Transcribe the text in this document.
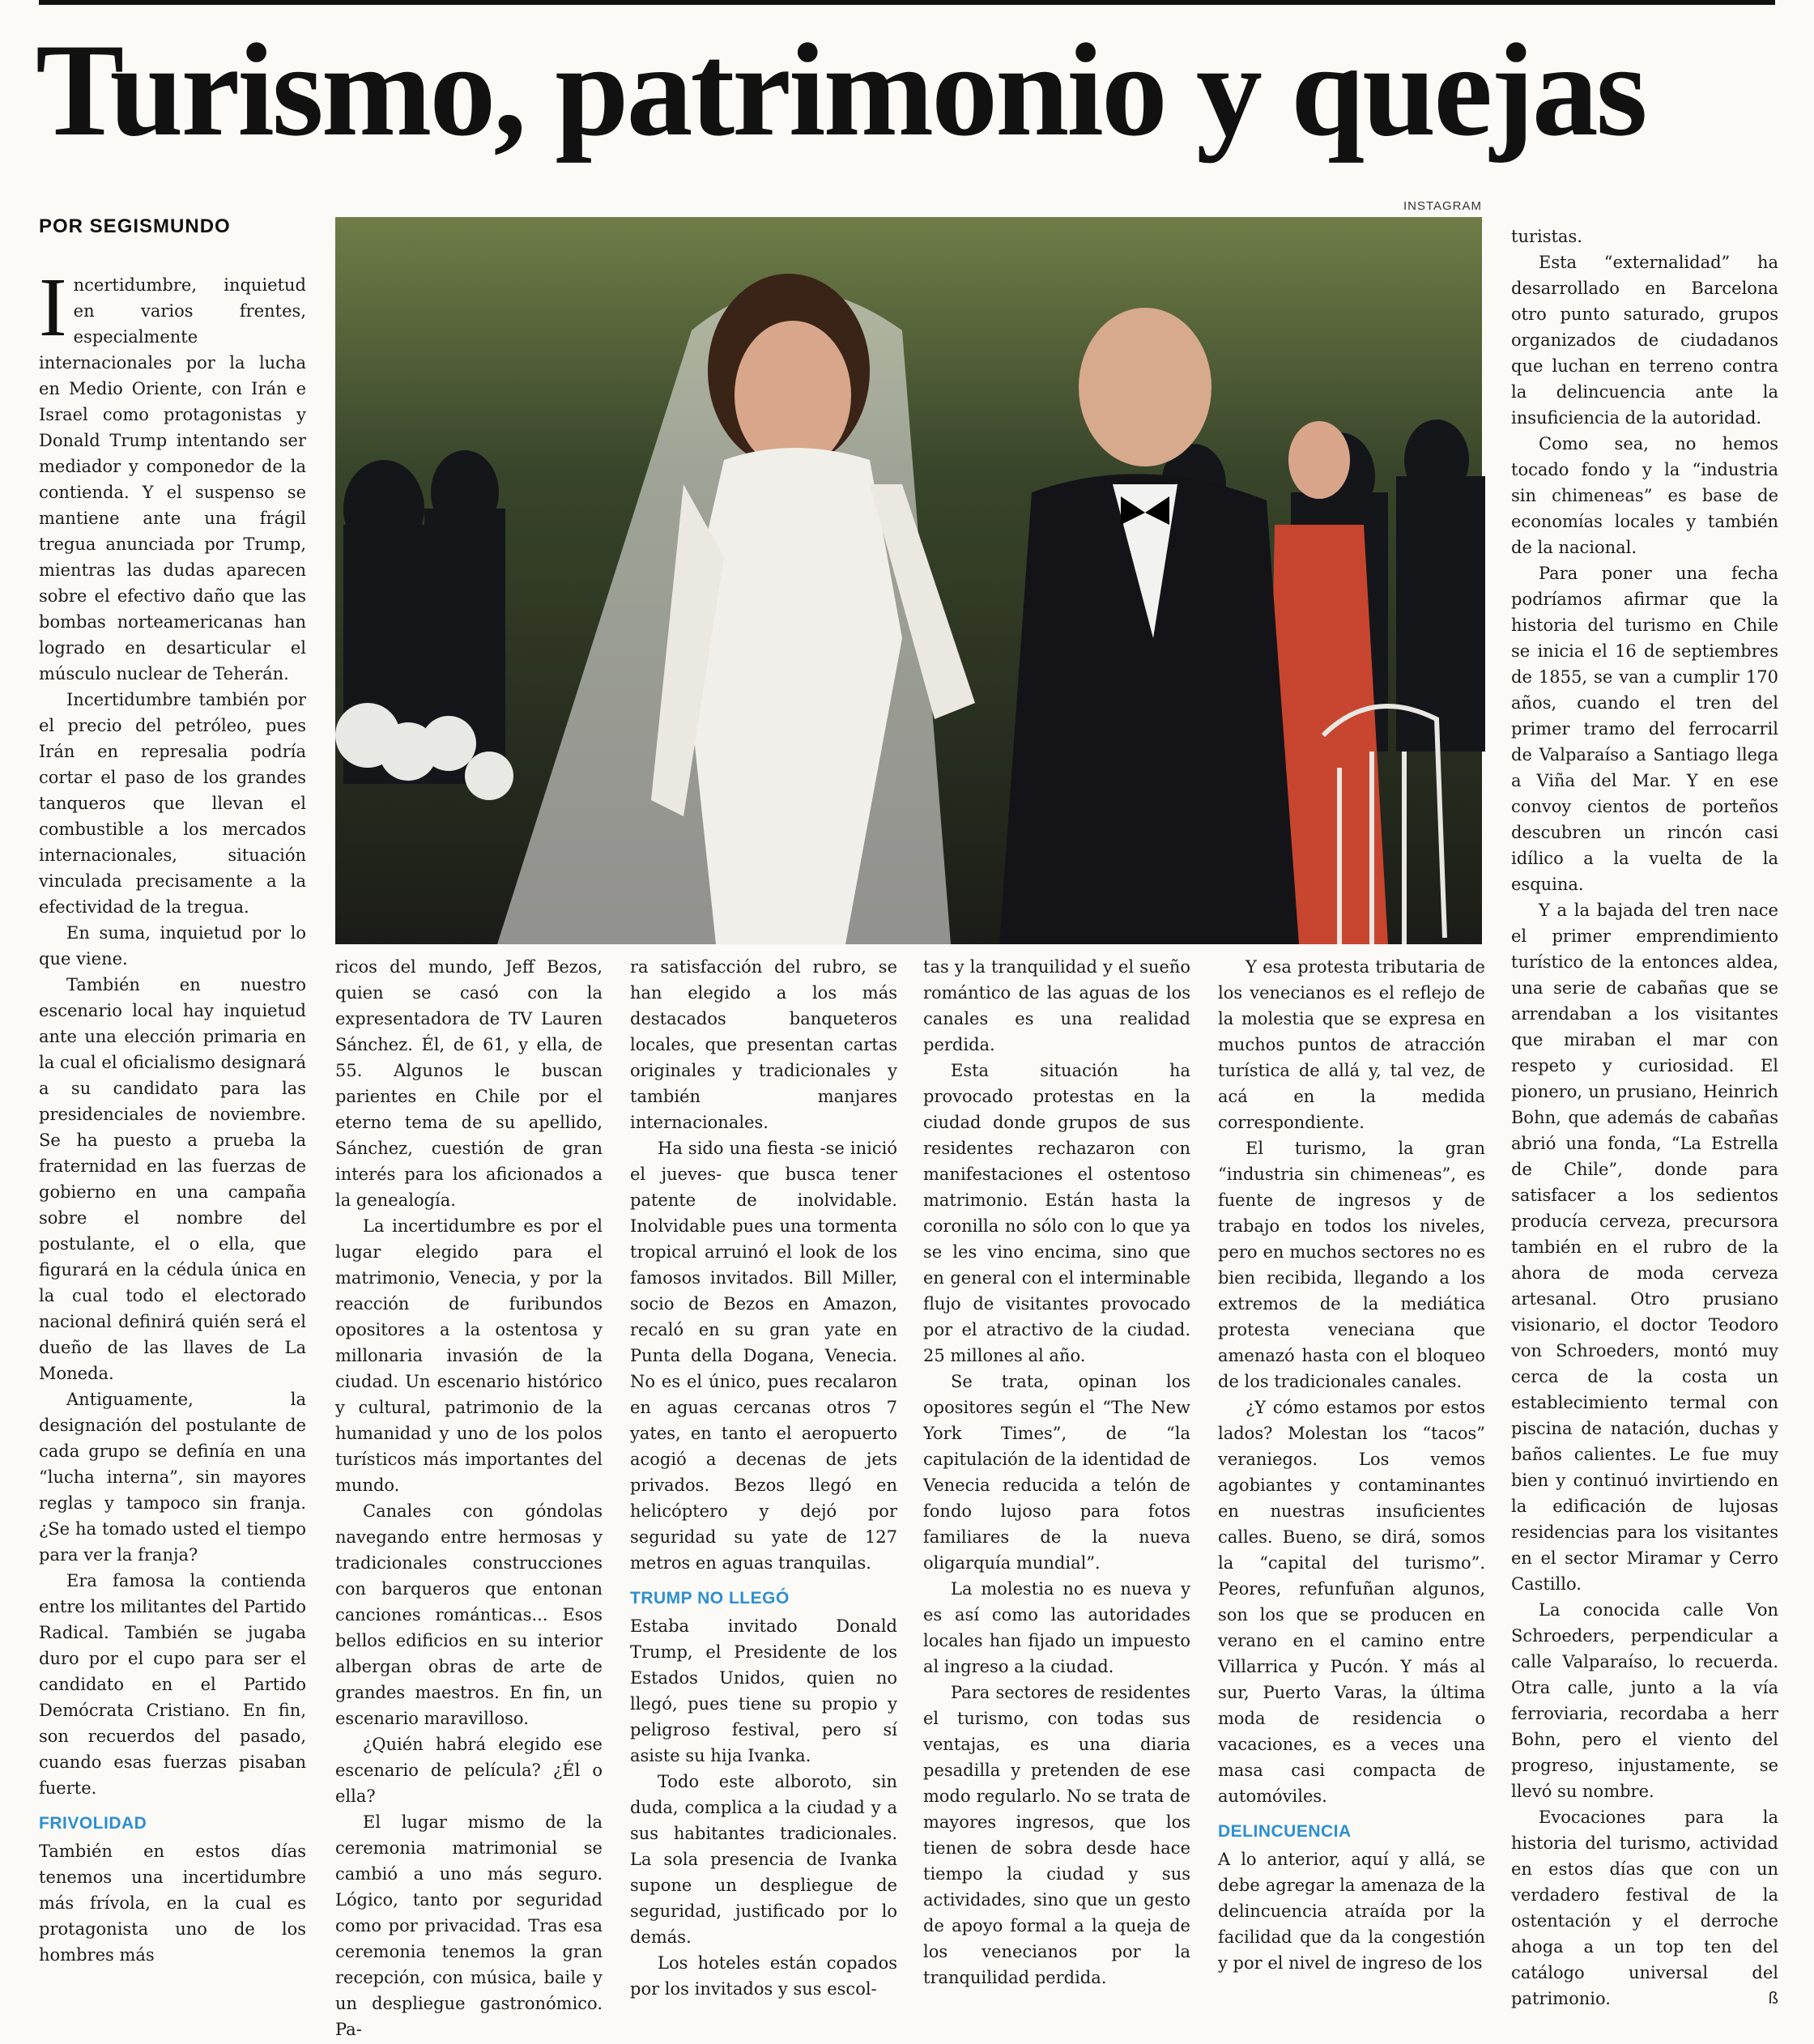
Turismo, patrimonio y quejas
POR SEGISMUNDO
INSTAGRAM

Incertidumbre, inquietud en varios frentes, especialmente internacionales por la lucha en Medio Oriente, con Irán e Israel como protagonistas y Donald Trump intentando ser mediador y componedor de la contienda. Y el suspenso se mantiene ante una frágil tregua anunciada por Trump, mientras las dudas aparecen sobre el efectivo daño que las bombas norteamericanas han logrado en desarticular el músculo nuclear de Teherán.

Incertidumbre también por el precio del petróleo, pues Irán en represalia podría cortar el paso de los grandes tanqueros que llevan el combustible a los mercados internacionales, situación vinculada precisamente a la efectividad de la tregua.

En suma, inquietud por lo que viene.

También en nuestro escenario local hay inquietud ante una elección primaria en la cual el oficialismo designará a su candidato para las presidenciales de noviembre. Se ha puesto a prueba la fraternidad en las fuerzas de gobierno en una campaña sobre el nombre del postulante, el o ella, que figurará en la cédula única en la cual todo el electorado nacional definirá quién será el dueño de las llaves de La Moneda.

Antiguamente, la designación del postulante de cada grupo se definía en una “lucha interna”, sin mayores reglas y tampoco sin franja. ¿Se ha tomado usted el tiempo para ver la franja?

Era famosa la contienda entre los militantes del Partido Radical. También se jugaba duro por el cupo para ser el candidato en el Partido Demócrata Cristiano. En fin, son recuerdos del pasado, cuando esas fuerzas pisaban fuerte.

FRIVOLIDAD

También en estos días tenemos una incertidumbre más frívola, en la cual es protagonista uno de los hombres más

ricos del mundo, Jeff Bezos, quien se casó con la expresentadora de TV Lauren Sánchez. Él, de 61, y ella, de 55. Algunos le buscan parientes en Chile por el eterno tema de su apellido, Sánchez, cuestión de gran interés para los aficionados a la genealogía.

La incertidumbre es por el lugar elegido para el matrimonio, Venecia, y por la reacción de furibundos opositores a la ostentosa y millonaria invasión de la ciudad. Un escenario histórico y cultural, patrimonio de la humanidad y uno de los polos turísticos más importantes del mundo.

Canales con góndolas navegando entre hermosas y tradicionales construcciones con barqueros que entonan canciones románticas... Esos bellos edificios en su interior albergan obras de arte de grandes maestros. En fin, un escenario maravilloso.

¿Quién habrá elegido ese escenario de película? ¿Él o ella?

El lugar mismo de la ceremonia matrimonial se cambió a uno más seguro. Lógico, tanto por seguridad como por privacidad. Tras esa ceremonia tenemos la gran recepción, con música, baile y un despliegue gastronómico. Pa-

ra satisfacción del rubro, se han elegido a los más destacados banqueteros locales, que presentan cartas originales y tradicionales y también manjares internacionales.

Ha sido una fiesta -se inició el jueves- que busca tener patente de inolvidable. Inolvidable pues una tormenta tropical arruinó el look de los famosos invitados. Bill Miller, socio de Bezos en Amazon, recaló en su gran yate en Punta della Dogana, Venecia. No es el único, pues recalaron en aguas cercanas otros 7 yates, en tanto el aeropuerto acogió a decenas de jets privados. Bezos llegó en helicóptero y dejó por seguridad su yate de 127 metros en aguas tranquilas.

TRUMP NO LLEGÓ

Estaba invitado Donald Trump, el Presidente de los Estados Unidos, quien no llegó, pues tiene su propio y peligroso festival, pero sí asiste su hija Ivanka.

Todo este alboroto, sin duda, complica a la ciudad y a sus habitantes tradicionales. La sola presencia de Ivanka supone un despliegue de seguridad, justificado por lo demás.

Los hoteles están copados por los invitados y sus escol-

tas y la tranquilidad y el sueño romántico de las aguas de los canales es una realidad perdida.

Esta situación ha provocado protestas en la ciudad donde grupos de sus residentes rechazaron con manifestaciones el ostentoso matrimonio. Están hasta la coronilla no sólo con lo que ya se les vino encima, sino que en general con el interminable flujo de visitantes provocado por el atractivo de la ciudad. 25 millones al año.

Se trata, opinan los opositores según el “The New York Times”, de “la capitulación de la identidad de Venecia reducida a telón de fondo lujoso para fotos familiares de la nueva oligarquía mundial”.

La molestia no es nueva y es así como las autoridades locales han fijado un impuesto al ingreso a la ciudad.

Para sectores de residentes el turismo, con todas sus ventajas, es una diaria pesadilla y pretenden de ese modo regularlo. No se trata de mayores ingresos, que los tienen de sobra desde hace tiempo la ciudad y sus actividades, sino que un gesto de apoyo formal a la queja de los venecianos por la tranquilidad perdida.

Y esa protesta tributaria de los venecianos es el reflejo de la molestia que se expresa en muchos puntos de atracción turística de allá y, tal vez, de acá en la medida correspondiente.

El turismo, la gran “industria sin chimeneas”, es fuente de ingresos y de trabajo en todos los niveles, pero en muchos sectores no es bien recibida, llegando a los extremos de la mediática protesta veneciana que amenazó hasta con el bloqueo de los tradicionales canales.

¿Y cómo estamos por estos lados? Molestan los “tacos” veraniegos. Los vemos agobiantes y contaminantes en nuestras insuficientes calles. Bueno, se dirá, somos la “capital del turismo”. Peores, refunfuñan algunos, son los que se producen en verano en el camino entre Villarrica y Pucón. Y más al sur, Puerto Varas, la última moda de residencia o vacaciones, es a veces una masa casi compacta de automóviles.

DELINCUENCIA

A lo anterior, aquí y allá, se debe agregar la amenaza de la delincuencia atraída por la facilidad que da la congestión y por el nivel de ingreso de los

turistas.

Esta “externalidad” ha desarrollado en Barcelona otro punto saturado, grupos organizados de ciudadanos que luchan en terreno contra la delincuencia ante la insuficiencia de la autoridad.

Como sea, no hemos tocado fondo y la “industria sin chimeneas” es base de economías locales y también de la nacional.

Para poner una fecha podríamos afirmar que la historia del turismo en Chile se inicia el 16 de septiembres de 1855, se van a cumplir 170 años, cuando el tren del primer tramo del ferrocarril de Valparaíso a Santiago llega a Viña del Mar. Y en ese convoy cientos de porteños descubren un rincón casi idílico a la vuelta de la esquina.

Y a la bajada del tren nace el primer emprendimiento turístico de la entonces aldea, una serie de cabañas que se arrendaban a los visitantes que miraban el mar con respeto y curiosidad. El pionero, un prusiano, Heinrich Bohn, que además de cabañas abrió una fonda, “La Estrella de Chile”, donde para satisfacer a los sedientos producía cerveza, precursora también en el rubro de la ahora de moda cerveza artesanal. Otro prusiano visionario, el doctor Teodoro von Schroeders, montó muy cerca de la costa un establecimiento termal con piscina de natación, duchas y baños calientes. Le fue muy bien y continuó invirtiendo en la edificación de lujosas residencias para los visitantes en el sector Miramar y Cerro Castillo.

La conocida calle Von Schroeders, perpendicular a calle Valparaíso, lo recuerda. Otra calle, junto a la vía ferroviaria, recordaba a herr Bohn, pero el viento del progreso, injustamente, se llevó su nombre.

Evocaciones para la historia del turismo, actividad en estos días que con un verdadero festival de la ostentación y el derroche ahoga a un top ten del catálogo universal del patrimonio.	ß
